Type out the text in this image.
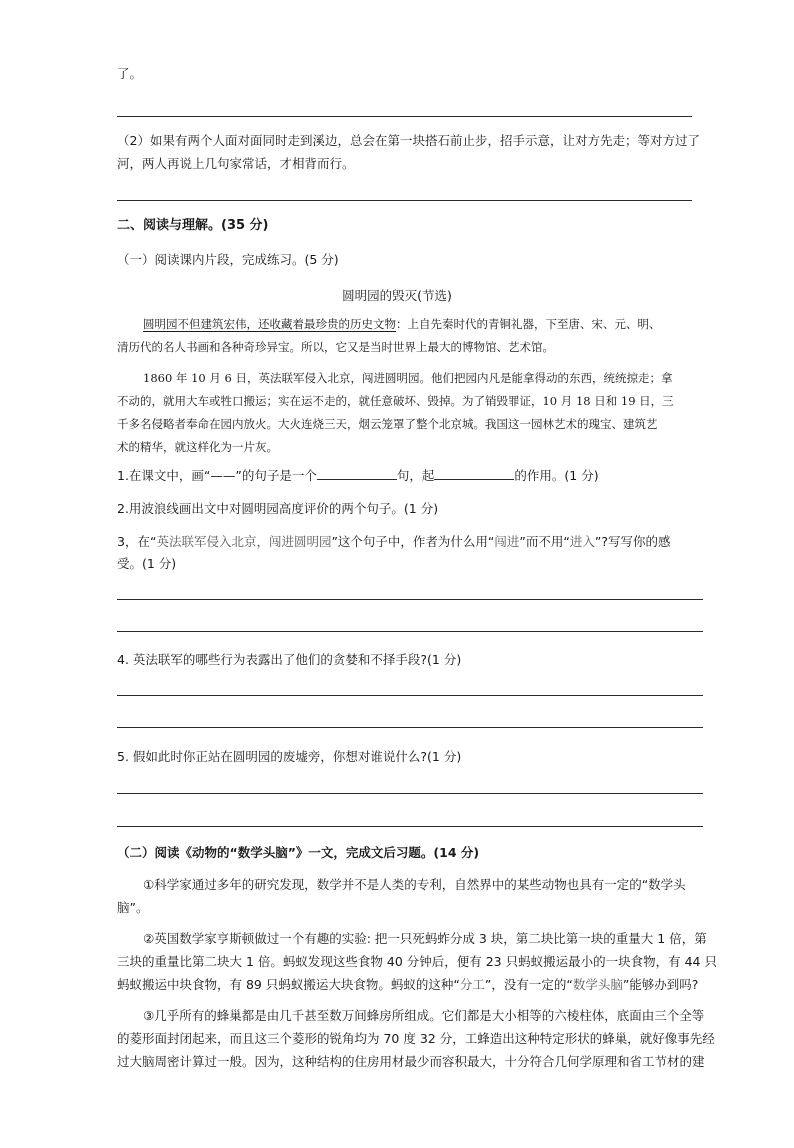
了。
（2）如果有两个人面对面同时走到溪边，总会在第一块搭石前止步，招手示意，让对方先走；等对方过了
河，两人再说上几句家常话，才相背而行。
二、阅读与理解。(35 分)
（一）阅读课内片段，完成练习。(5 分)
圆明园的毁灭(节选)
圆明园不但建筑宏伟，还收藏着最珍贵的历史文物：上自先秦时代的青铜礼器，下至唐、宋、元、明、
清历代的名人书画和各种奇珍异宝。所以，它又是当时世界上最大的博物馆、艺术馆。
1860 年 10 月 6 日，英法联军侵入北京，闯进圆明园。他们把园内凡是能拿得动的东西，统统掠走；拿
不动的，就用大车或牲口搬运；实在运不走的，就任意破坏、毁掉。为了销毁罪证，10 月 18 日和 19 日，三
千多名侵略者奉命在园内放火。大火连烧三天，烟云笼罩了整个北京城。我国这一园林艺术的瑰宝、建筑艺
术的精华，就这样化为一片灰。
1.在课文中，画“——”的句子是一个	句，起	的作用。(1 分)
2.用波浪线画出文中对圆明园高度评价的两个句子。(1 分)
3，在“英法联军侵入北京，闯进圆明园”这个句子中，作者为什么用“闯进”而不用“进入”?写写你的感
受。(1 分)
4. 英法联军的哪些行为表露出了他们的贪婪和不择手段?(1 分)
5. 假如此时你正站在圆明园的废墟旁，你想对谁说什么?(1 分)
（二）阅读《动物的“数学头脑”》一文，完成文后习题。(14 分)
①科学家通过多年的研究发现，数学并不是人类的专利，自然界中的某些动物也具有一定的“数学头
脑”。
②英国数学家亨斯顿做过一个有趣的实验: 把一只死蚂蚱分成 3 块，第二块比第一块的重量大 1 倍，第
三块的重量比第二块大 1 倍。蚂蚁发现这些食物 40 分钟后，便有 23 只蚂蚁搬运最小的一块食物，有 44 只
蚂蚁搬运中块食物，有 89 只蚂蚁搬运大块食物。蚂蚁的这种“分工”，没有一定的“数学头脑”能够办到吗?
③几乎所有的蜂巢都是由几千甚至数万间蜂房所组成。它们都是大小相等的六棱柱体，底面由三个全等
的菱形面封闭起来，而且这三个菱形的锐角均为 70 度 32 分，工蜂造出这种特定形状的蜂巢，就好像事先经
过大脑周密计算过一般。因为，这种结构的住房用材最少而容积最大，十分符合几何学原理和省工节材的建
